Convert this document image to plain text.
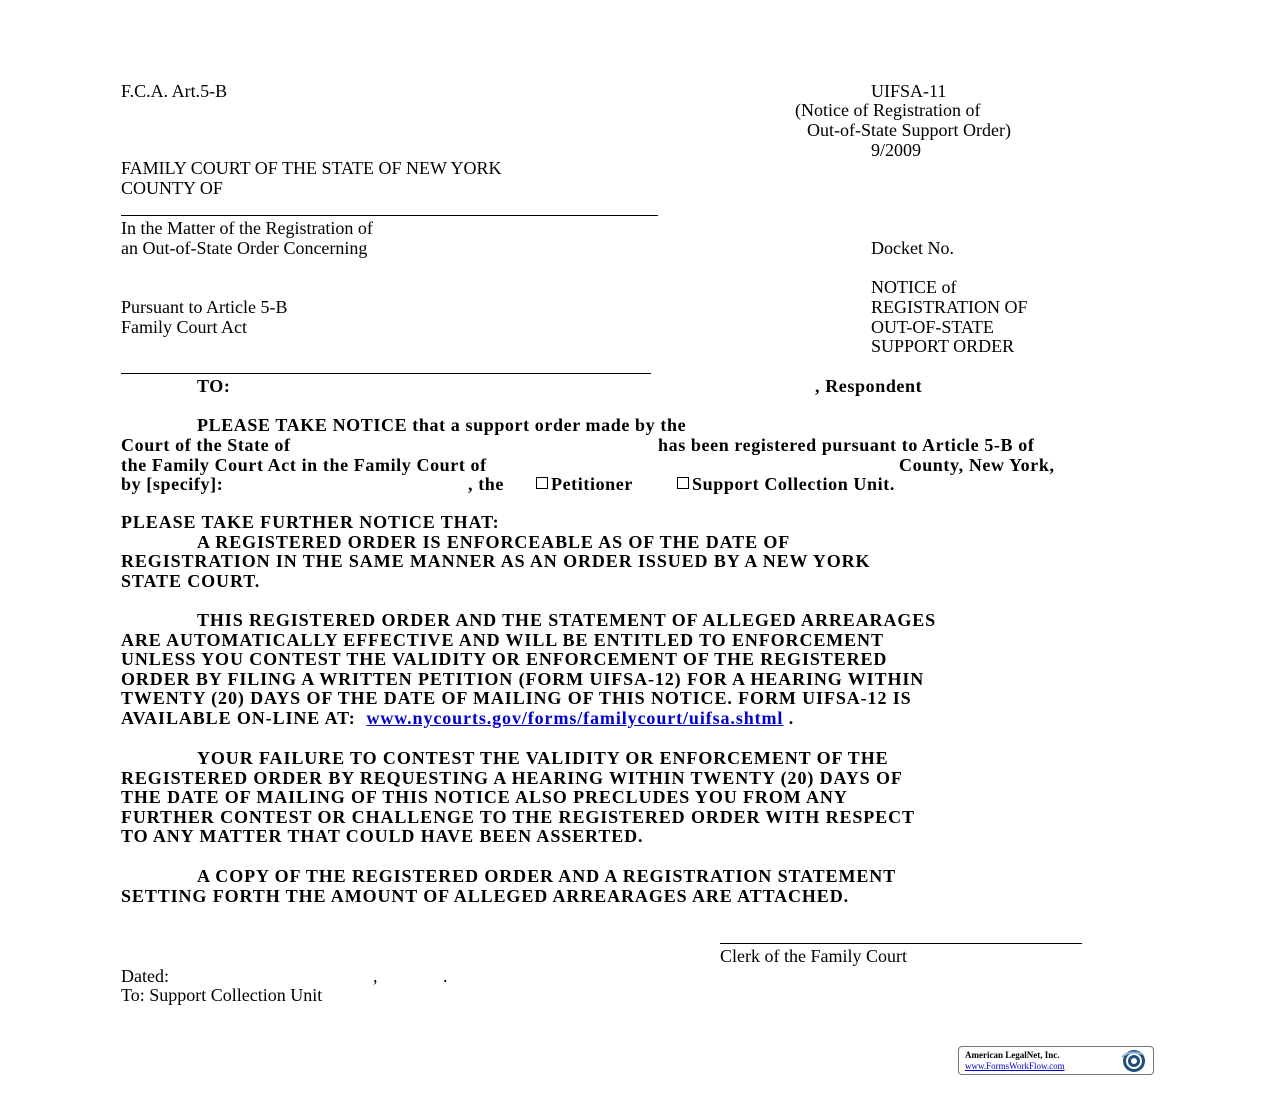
F.C.A. Art.5-B	UIFSA-11
(Notice of Registration of
Out-of-State Support Order)
9/2009
FAMILY COURT OF THE STATE OF NEW YORK
COUNTY OF
In the Matter of the Registration of
an Out-of-State Order Concerning	Docket No.
NOTICE of
Pursuant to Article 5-B	REGISTRATION OF
Family Court Act	OUT-OF-STATE
SUPPORT ORDER
TO:	, Respondent
PLEASE TAKE NOTICE that a support order made by the
Court of the State of	has been registered pursuant to Article 5-B of
the Family Court Act in the Family Court of	County, New York,
by [specify]:	, the	Petitioner	Support Collection Unit.
PLEASE TAKE FURTHER NOTICE THAT:
A REGISTERED ORDER IS ENFORCEABLE AS OF THE DATE OF
REGISTRATION IN THE SAME MANNER AS AN ORDER ISSUED BY A NEW YORK
STATE COURT.
THIS REGISTERED ORDER AND THE STATEMENT OF ALLEGED ARREARAGES
ARE AUTOMATICALLY EFFECTIVE AND WILL BE ENTITLED TO ENFORCEMENT
UNLESS YOU CONTEST THE VALIDITY OR ENFORCEMENT OF THE REGISTERED
ORDER BY FILING A WRITTEN PETITION (FORM UIFSA-12) FOR A HEARING WITHIN
TWENTY (20) DAYS OF THE DATE OF MAILING OF THIS NOTICE. FORM UIFSA-12 IS
AVAILABLE ON-LINE AT: www.nycourts.gov/forms/familycourt/uifsa.shtml .
YOUR FAILURE TO CONTEST THE VALIDITY OR ENFORCEMENT OF THE
REGISTERED ORDER BY REQUESTING A HEARING WITHIN TWENTY (20) DAYS OF
THE DATE OF MAILING OF THIS NOTICE ALSO PRECLUDES YOU FROM ANY
FURTHER CONTEST OR CHALLENGE TO THE REGISTERED ORDER WITH RESPECT
TO ANY MATTER THAT COULD HAVE BEEN ASSERTED.
A COPY OF THE REGISTERED ORDER AND A REGISTRATION STATEMENT
SETTING FORTH THE AMOUNT OF ALLEGED ARREARAGES ARE ATTACHED.
Clerk of the Family Court
Dated:	,	.
To: Support Collection Unit
American LegalNet, Inc.
www.FormsWorkFlow.com
